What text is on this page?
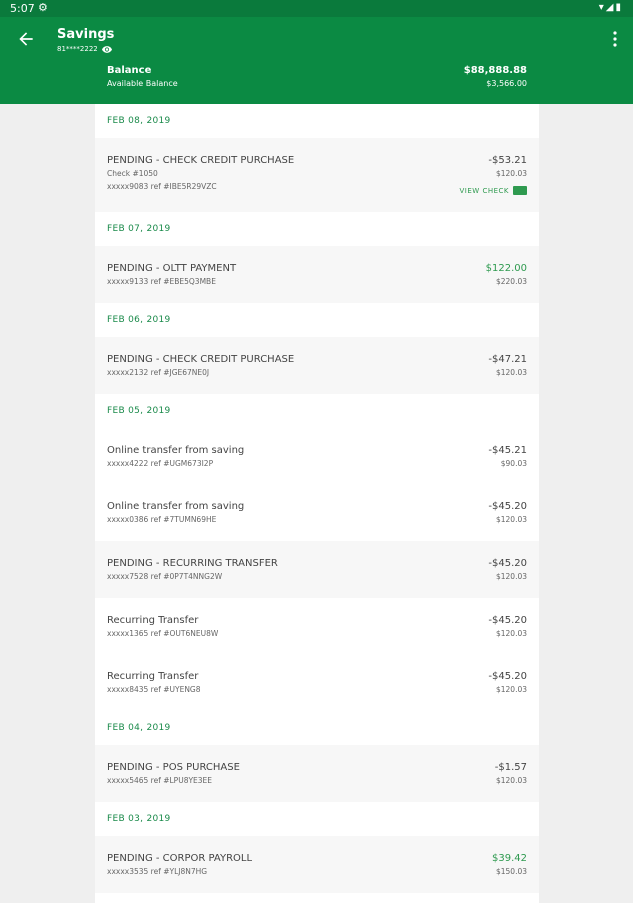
5:07 ⚙	▾◢▮
Savings
81****2222
Balance
Available Balance
$88,888.88
$3,566.00
FEB 08, 2019
PENDING - CHECK CREDIT PURCHASE
Check #1050
xxxxx9083 ref #IBE5R29VZC
-$53.21
$120.03
VIEW CHECK
FEB 07, 2019
PENDING - OLTT PAYMENT
xxxxx9133 ref #EBE5Q3MBE
$122.00
$220.03
FEB 06, 2019
PENDING - CHECK CREDIT PURCHASE
xxxxx2132 ref #JGE67NE0J
-$47.21
$120.03
FEB 05, 2019
Online transfer from saving
xxxxx4222 ref #UGM673I2P
-$45.21
$90.03
Online transfer from saving
xxxxx0386 ref #7TUMN69HE
-$45.20
$120.03
PENDING - RECURRING TRANSFER
xxxxx7528 ref #0P7T4NNG2W
-$45.20
$120.03
Recurring Transfer
xxxxx1365 ref #OUT6NEU8W
-$45.20
$120.03
Recurring Transfer
xxxxx8435 ref #UYENG8
-$45.20
$120.03
FEB 04, 2019
PENDING - POS PURCHASE
xxxxx5465 ref #LPU8YE3EE
-$1.57
$120.03
FEB 03, 2019
PENDING - CORPOR PAYROLL
xxxxx3535 ref #YLJ8N7HG
$39.42
$150.03
